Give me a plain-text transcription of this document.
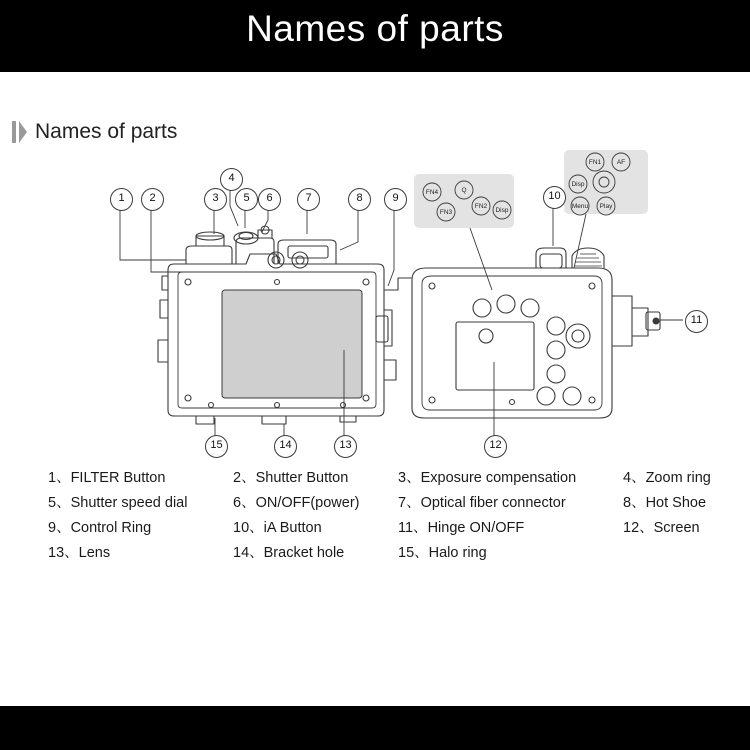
Names of parts
Names of parts
FN4	Q
FN3
FN2
Disp
FN1 AF
Disp
Menu Play
1	2	3
4
5	6	7	8	9	10
11
12
13
14
15
1、FILTER Button	2、Shutter Button	3、Exposure compensation	4、Zoom ring
5、Shutter speed dial	6、ON/OFF(power)	7、Optical fiber connector	8、Hot Shoe
9、Control Ring	10、iA Button	11、Hinge ON/OFF	12、Screen
13、Lens	14、Bracket hole	15、Halo ring
